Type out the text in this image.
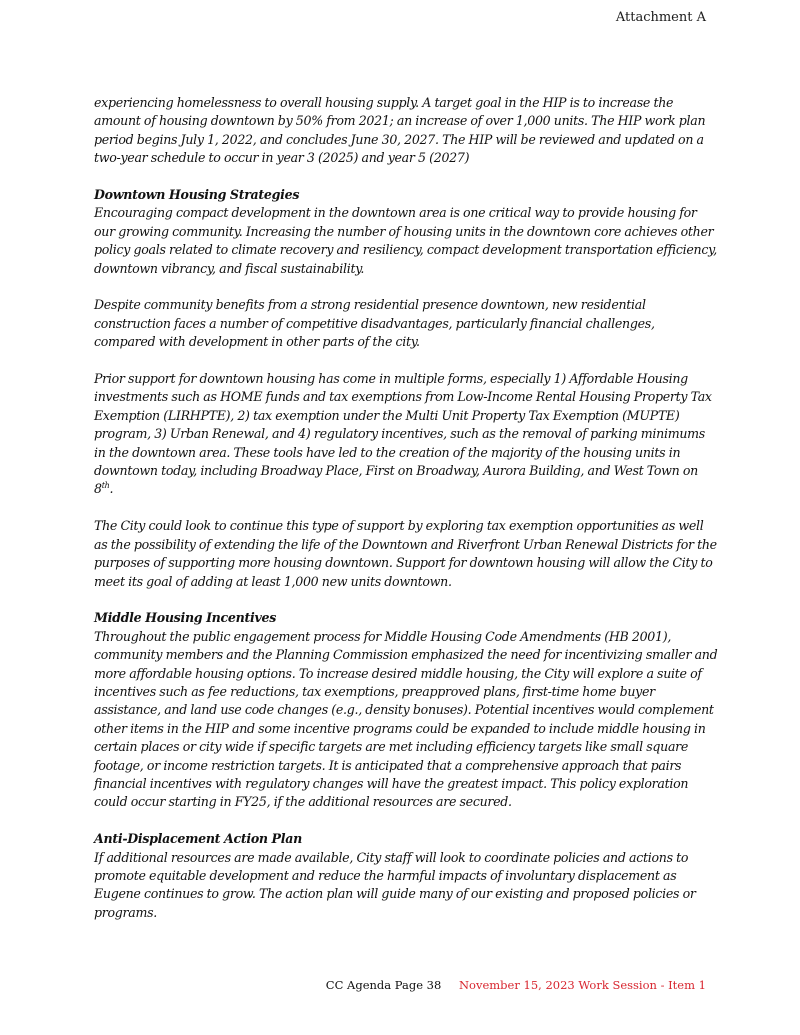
Attachment A

experiencing homelessness to overall housing supply. A target goal in the HIP is to increase the amount of housing downtown by 50% from 2021; an increase of over 1,000 units. The HIP work plan period begins July 1, 2022, and concludes June 30, 2027. The HIP will be reviewed and updated on a two-year schedule to occur in year 3 (2025) and year 5 (2027)

Downtown Housing Strategies

Encouraging compact development in the downtown area is one critical way to provide housing for our growing community. Increasing the number of housing units in the downtown core achieves other policy goals related to climate recovery and resiliency, compact development transportation efficiency, downtown vibrancy, and fiscal sustainability.

Despite community benefits from a strong residential presence downtown, new residential construction faces a number of competitive disadvantages, particularly financial challenges, compared with development in other parts of the city.

Prior support for downtown housing has come in multiple forms, especially 1) Affordable Housing investments such as HOME funds and tax exemptions from Low-Income Rental Housing Property Tax Exemption (LIRHPTE), 2) tax exemption under the Multi Unit Property Tax Exemption (MUPTE) program, 3) Urban Renewal, and 4) regulatory incentives, such as the removal of parking minimums in the downtown area. These tools have led to the creation of the majority of the housing units in downtown today, including Broadway Place, First on Broadway, Aurora Building, and West Town on 8th.

The City could look to continue this type of support by exploring tax exemption opportunities as well as the possibility of extending the life of the Downtown and Riverfront Urban Renewal Districts for the purposes of supporting more housing downtown. Support for downtown housing will allow the City to meet its goal of adding at least 1,000 new units downtown.

Middle Housing Incentives

Throughout the public engagement process for Middle Housing Code Amendments (HB 2001), community members and the Planning Commission emphasized the need for incentivizing smaller and more affordable housing options. To increase desired middle housing, the City will explore a suite of incentives such as fee reductions, tax exemptions, preapproved plans, first-time home buyer assistance, and land use code changes (e.g., density bonuses). Potential incentives would complement other items in the HIP and some incentive programs could be expanded to include middle housing in certain places or city wide if specific targets are met including efficiency targets like small square footage, or income restriction targets. It is anticipated that a comprehensive approach that pairs financial incentives with regulatory changes will have the greatest impact. This policy exploration could occur starting in FY25, if the additional resources are secured.

Anti-Displacement Action Plan

If additional resources are made available, City staff will look to coordinate policies and actions to promote equitable development and reduce the harmful impacts of involuntary displacement as Eugene continues to grow. The action plan will guide many of our existing and proposed policies or programs.

CC Agenda Page 38 November 15, 2023 Work Session - Item 1
